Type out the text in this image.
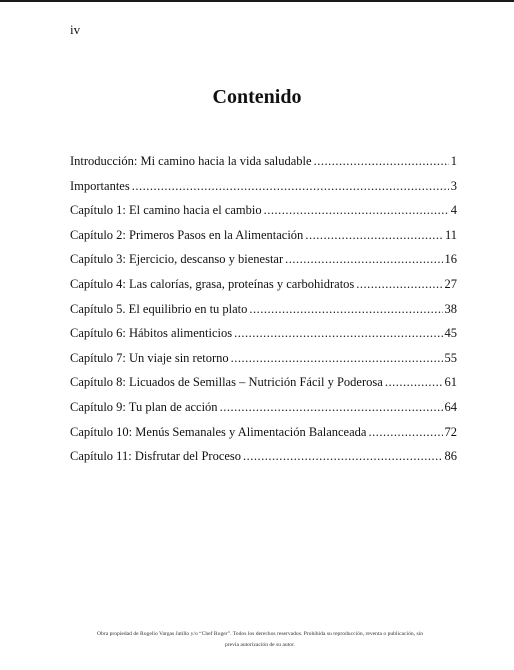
iv
Contenido
Introducción: Mi camino hacia la vida saludable .....	1
Importantes .....	3
Capítulo 1: El camino hacia el cambio .....	4
Capítulo 2: Primeros Pasos en la Alimentación .....	11
Capítulo 3: Ejercicio, descanso y bienestar .....	16
Capítulo 4: Las calorías, grasa, proteínas y carbohidratos .....	27
Capítulo 5. El equilibrio en tu plato .....	38
Capítulo 6: Hábitos alimenticios .....	45
Capítulo 7: Un viaje sin retorno .....	55
Capítulo 8: Licuados de Semillas – Nutrición Fácil y Poderosa .....	61
Capítulo 9: Tu plan de acción .....	64
Capítulo 10: Menús Semanales y Alimentación Balanceada .....	72
Capítulo 11: Disfrutar del Proceso .....	86
Obra propiedad de Rogelio Vargas Jatillo y/o “Chef Roger”. Todos los derechos reservados. Prohibida su reproducción, reventa o publicación, sin
previa autorización de su autor.
